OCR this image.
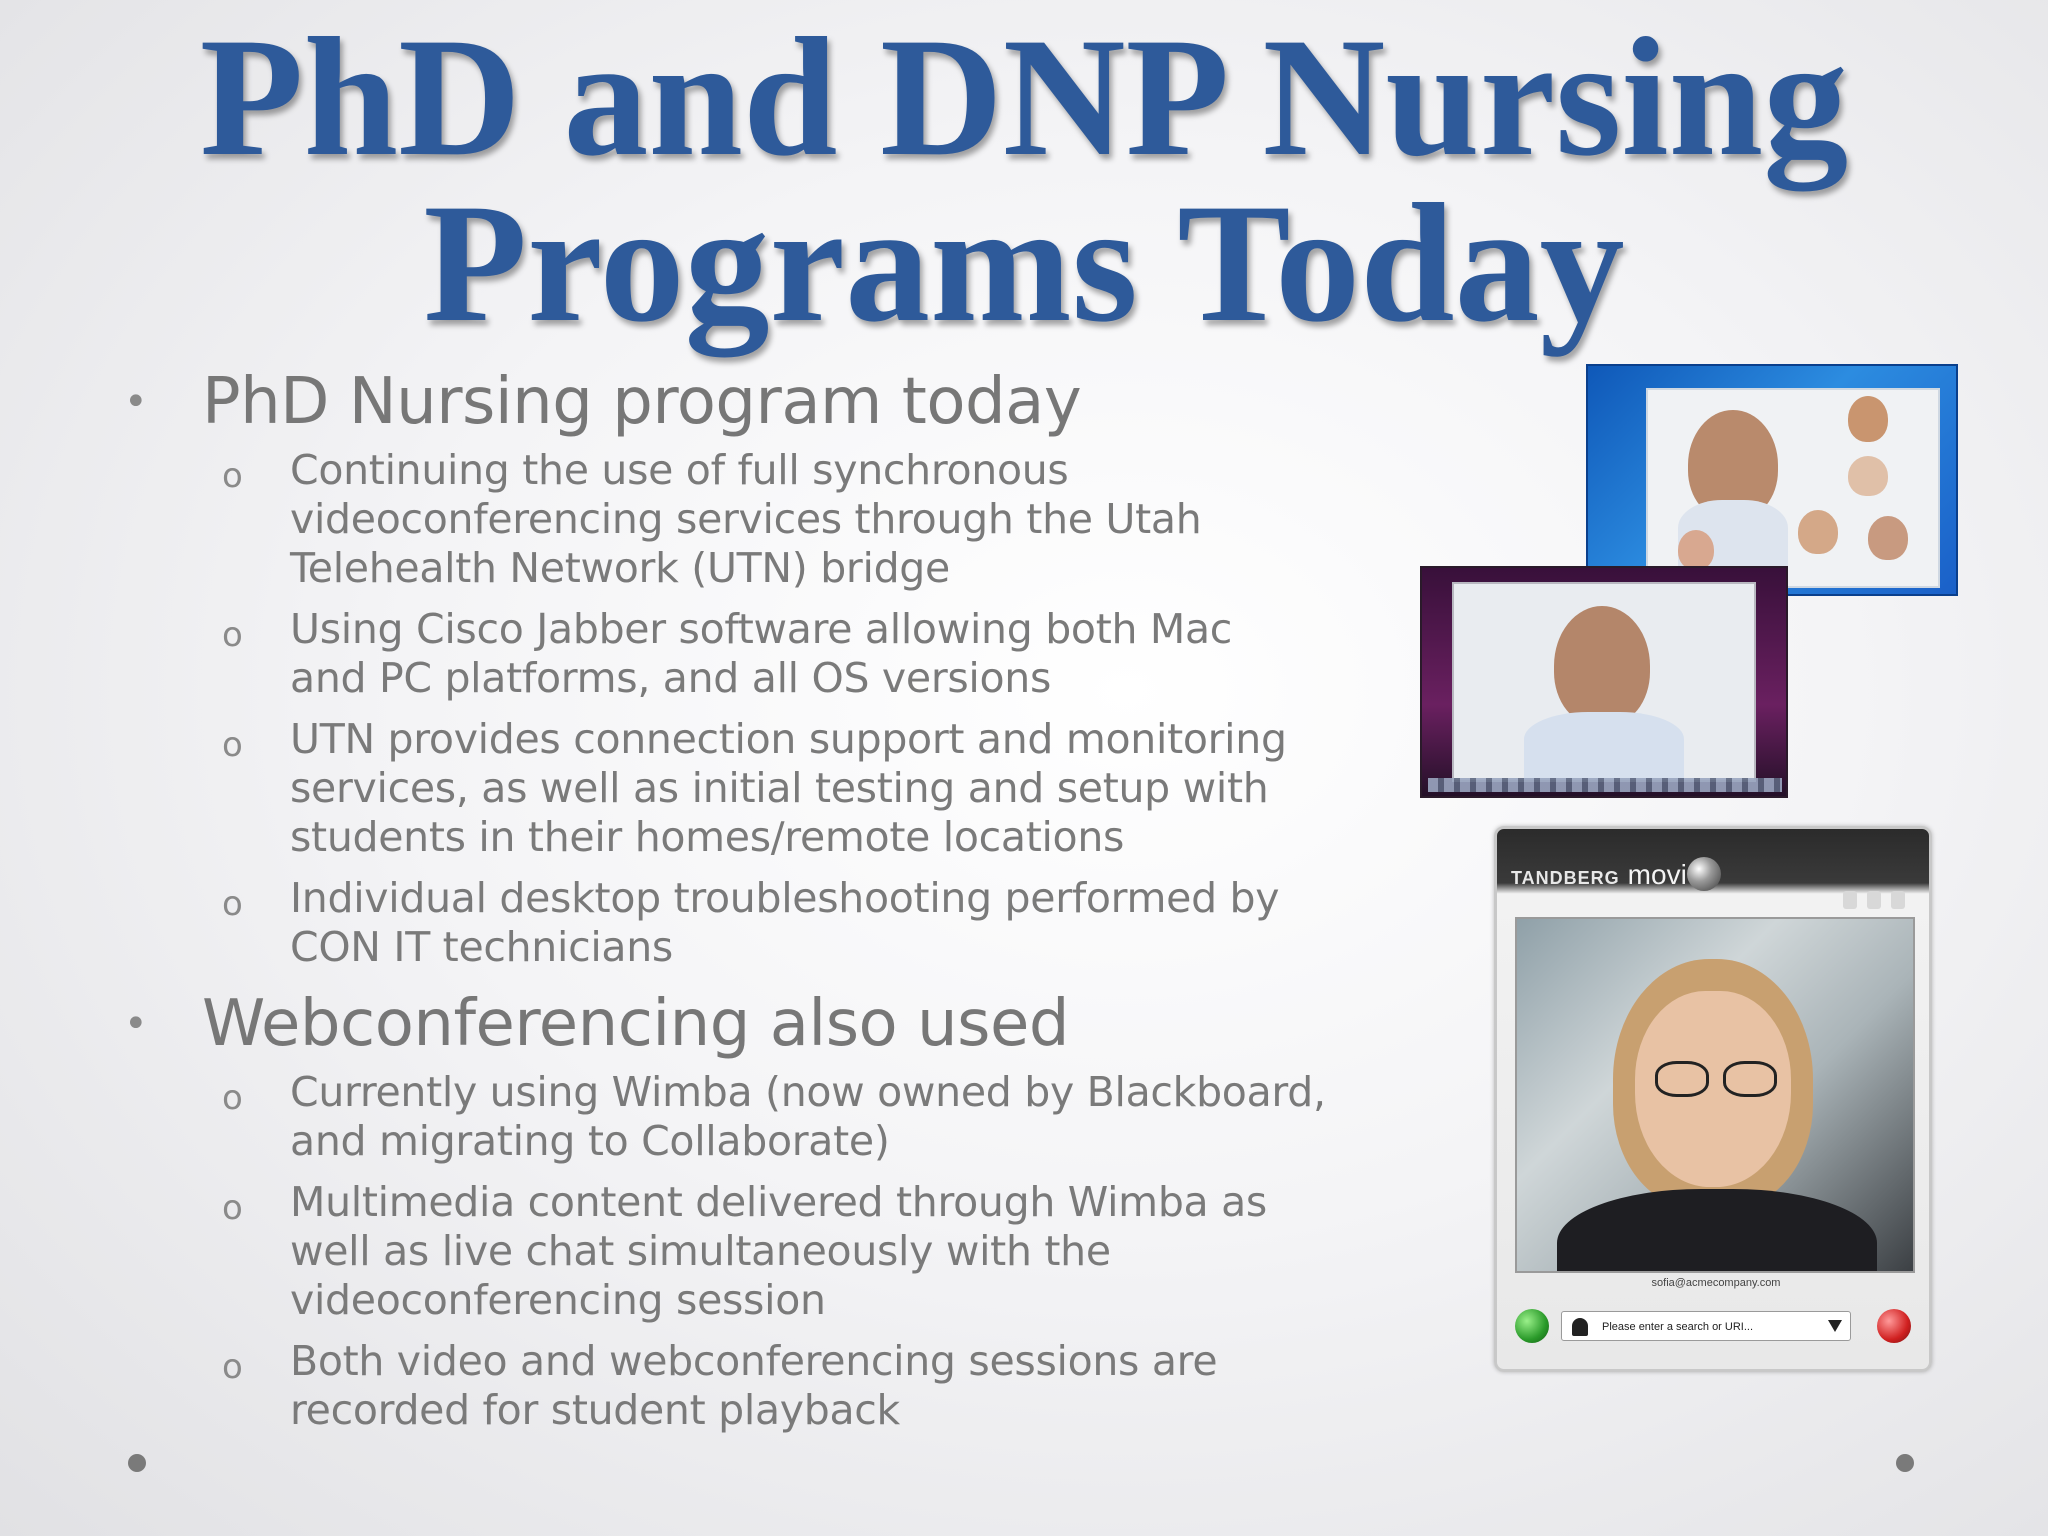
PhD and DNP Nursing
Programs Today
• PhD Nursing program today
o Continuing the use of full synchronous
videoconferencing services through the Utah
Telehealth Network (UTN) bridge
o Using Cisco Jabber software allowing both Mac
and PC platforms, and all OS versions
o UTN provides connection support and monitoring
services, as well as initial testing and setup with
students in their homes/remote locations
o Individual desktop troubleshooting performed by
CON IT technicians
• Webconferencing also used
o Currently using Wimba (now owned by Blackboard,
and migrating to Collaborate)
o Multimedia content delivered through Wimba as
well as live chat simultaneously with the
videoconferencing session
o Both video and webconferencing sessions are
recorded for student playback
TANDBERG movi
sofia@acmecompany.com
Please enter a search or URI...
